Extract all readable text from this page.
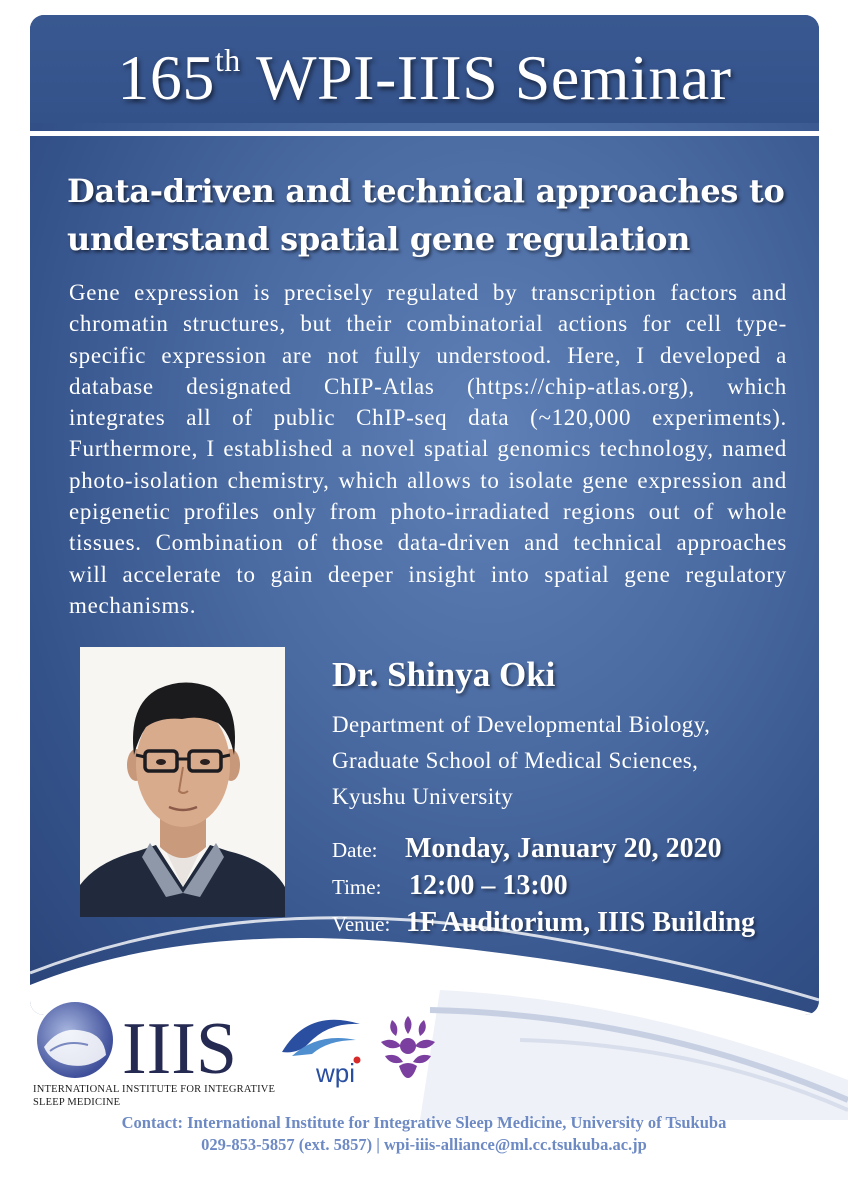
165th WPI-IIIS Seminar
Data-driven and technical approaches to
understand spatial gene regulation
Gene expression is precisely regulated by transcription factors and chromatin structures, but their combinatorial actions for cell type-specific expression are not fully understood. Here, I developed a database designated ChIP-Atlas (https://chip-atlas.org), which integrates all of public ChIP-seq data (~120,000 experiments). Furthermore, I established a novel spatial genomics technology, named photo-isolation chemistry, which allows to isolate gene expression and epigenetic profiles only from photo-irradiated regions out of whole tissues. Combination of those data-driven and technical approaches will accelerate to gain deeper insight into spatial gene regulatory mechanisms.
Dr. Shinya Oki
Department of Developmental Biology,
Graduate School of Medical Sciences,
Kyushu University
Date: Monday, January 20, 2020
Time: 12:00 – 13:00
Venue: 1F Auditorium, IIIS Building
IIIS
INTERNATIONAL INSTITUTE FOR INTEGRATIVE
SLEEP MEDICINE
wpi
Contact: International Institute for Integrative Sleep Medicine, University of Tsukuba
029-853-5857 (ext. 5857) | wpi-iiis-alliance@ml.cc.tsukuba.ac.jp
